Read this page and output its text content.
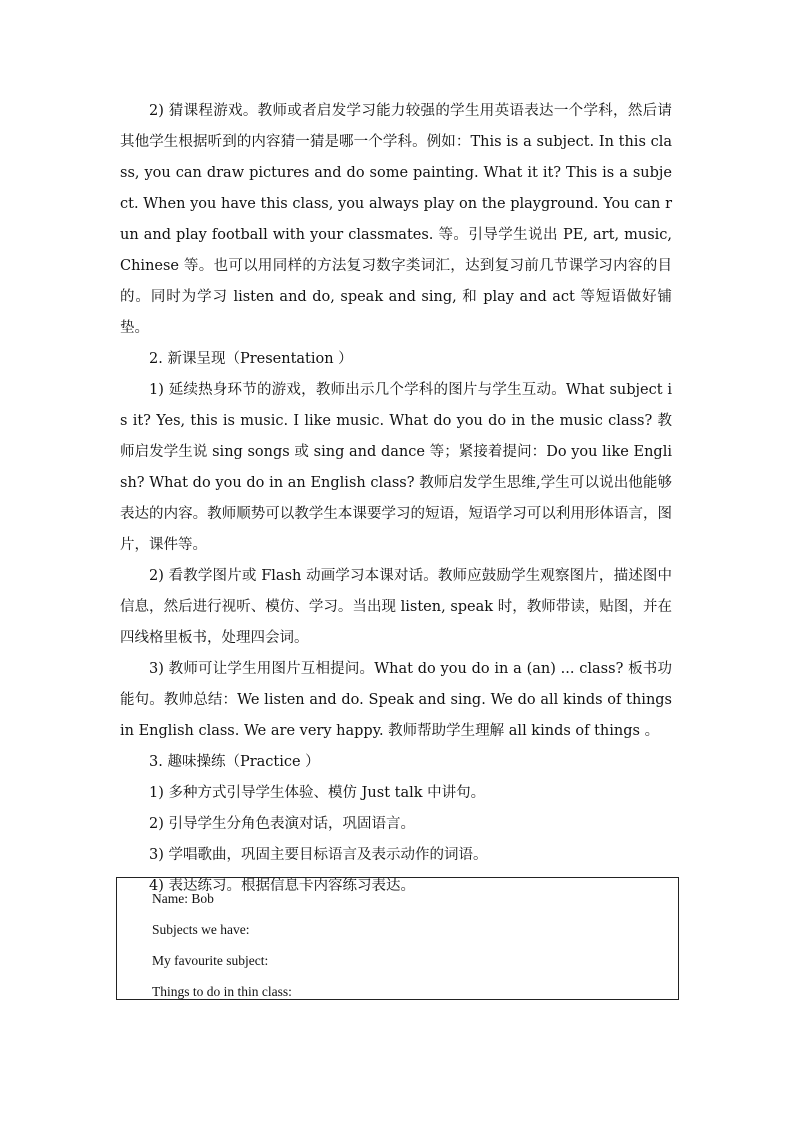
2) 猜课程游戏。教师或者启发学习能力较强的学生用英语表达一个学科，然后请其他学生根据听到的内容猜一猜是哪一个学科。例如：This is a subject. In this class, you can draw pictures and do some painting. What it it? This is a subject. When you have this class, you always play on the playground. You can run and play football with your classmates. 等。引导学生说出 PE, art, music, Chinese 等。也可以用同样的方法复习数字类词汇，达到复习前几节课学习内容的目的。同时为学习 listen and do, speak and sing, 和 play and act 等短语做好铺垫。

2. 新课呈现（Presentation ）

1) 延续热身环节的游戏，教师出示几个学科的图片与学生互动。What subject is it? Yes, this is music. I like music. What do you do in the music class? 教师启发学生说 sing songs 或 sing and dance 等；紧接着提问：Do you like English? What do you do in an English class? 教师启发学生思维,学生可以说出他能够表达的内容。教师顺势可以教学生本课要学习的短语，短语学习可以利用形体语言，图片，课件等。

2) 看教学图片或 Flash 动画学习本课对话。教师应鼓励学生观察图片，描述图中信息，然后进行视听、模仿、学习。当出现 listen, speak 时，教师带读，贴图，并在四线格里板书，处理四会词。

3) 教师可让学生用图片互相提问。What do you do in a (an) ... class? 板书功能句。教帅总结：We listen and do. Speak and sing. We do all kinds of things in English class. We are very happy. 教师帮助学生理解 all kinds of things 。

3. 趣味操练（Practice ）

1) 多种方式引导学生体验、模仿 Just talk 中讲句。

2) 引导学生分角色表演对话，巩固语言。

3) 学唱歌曲，巩固主要目标语言及表示动作的词语。

4) 表达练习。根据信息卡内容练习表达。

Name: Bob

Subjects we have:

My favourite subject:

Things to do in thin class:
